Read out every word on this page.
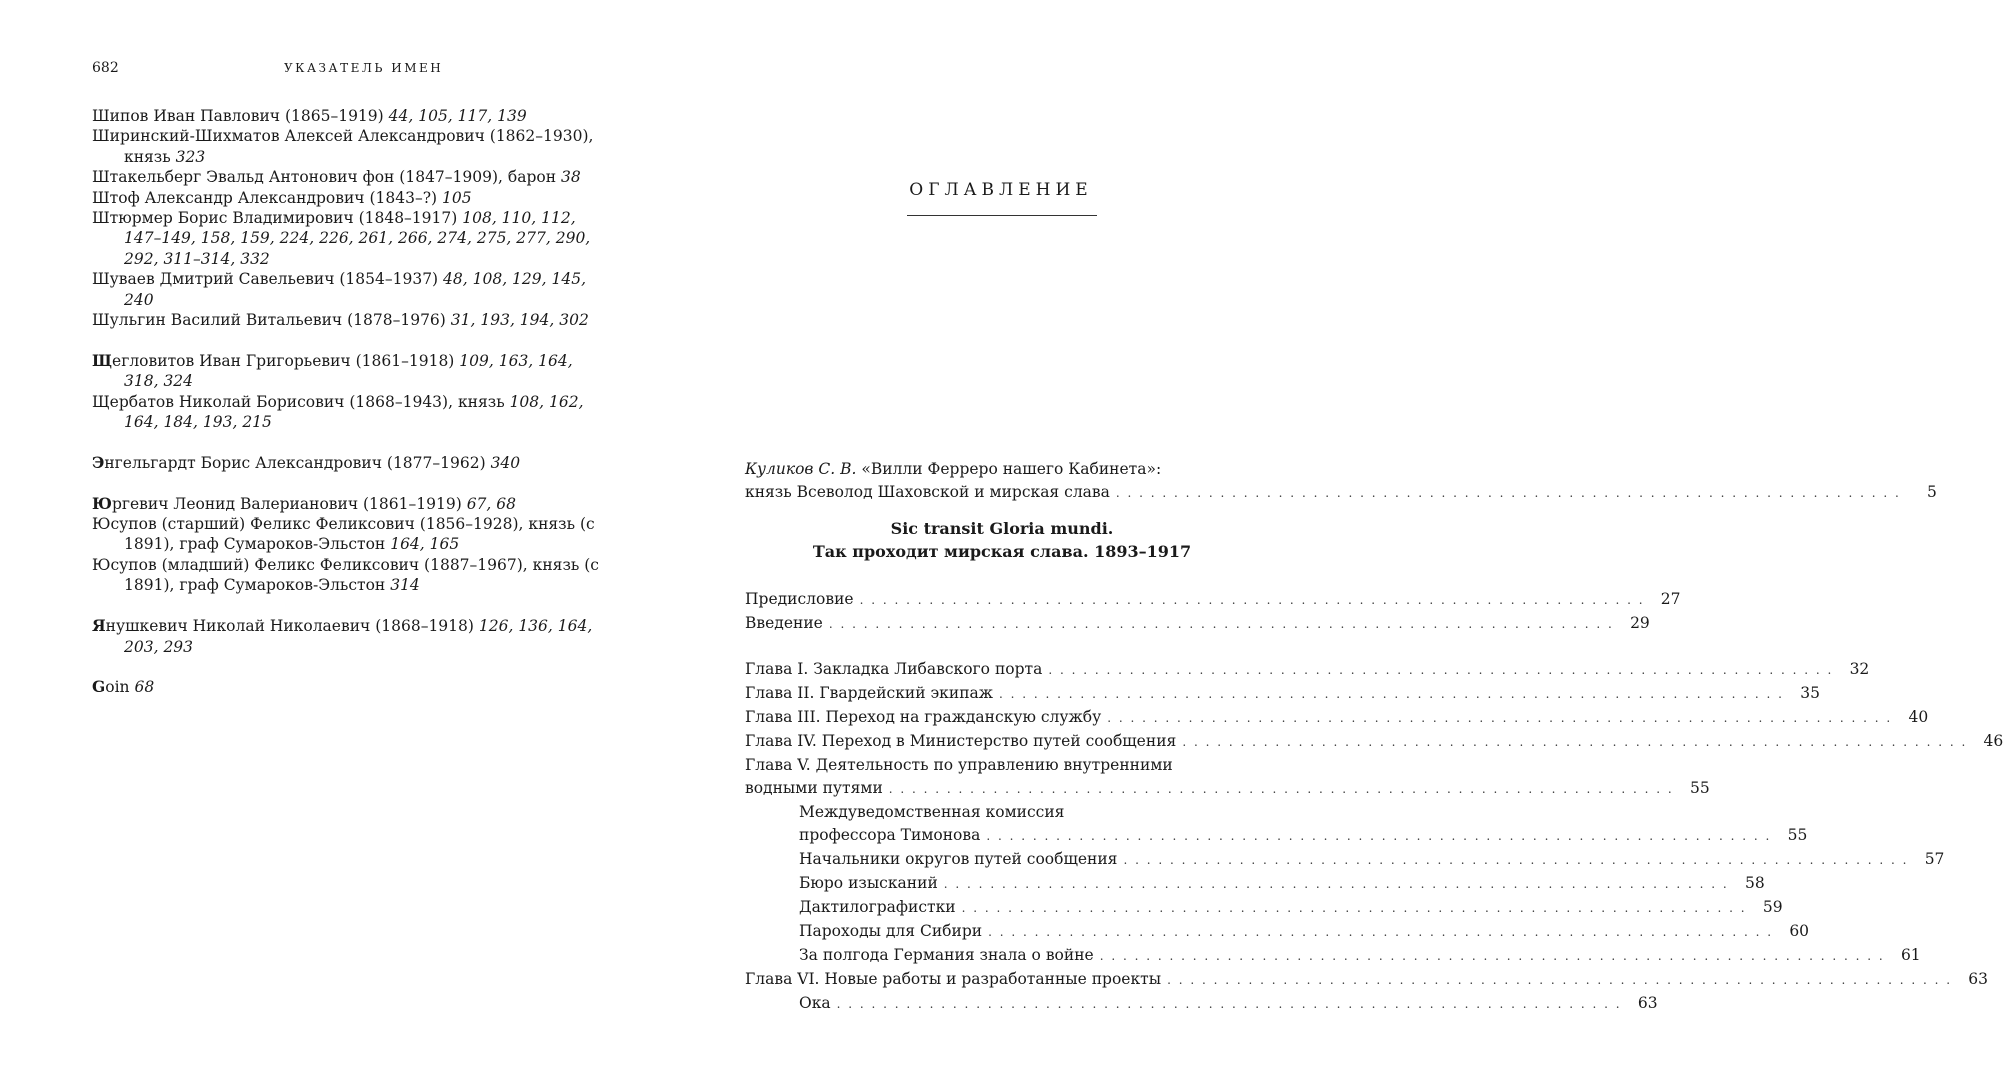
682	УКАЗАТЕЛЬ ИМЕН

Шипов Иван Павлович (1865–1919) 44, 105, 117, 139

Ширинский-Шихматов Алексей Александрович (1862–1930), князь 323

Штакельберг Эвальд Антонович фон (1847–1909), барон 38

Штоф Александр Александрович (1843–?) 105

Штюрмер Борис Владимирович (1848–1917) 108, 110, 112, 147–149, 158, 159, 224, 226, 261, 266, 274, 275, 277, 290, 292, 311–314, 332

Шуваев Дмитрий Савельевич (1854–1937) 48, 108, 129, 145, 240

Шульгин Василий Витальевич (1878–1976) 31, 193, 194, 302

Щегловитов Иван Григорьевич (1861–1918) 109, 163, 164, 318, 324

Щербатов Николай Борисович (1868–1943), князь 108, 162, 164, 184, 193, 215

Энгельгардт Борис Александрович (1877–1962) 340

Юргевич Леонид Валерианович (1861–1919) 67, 68

Юсупов (старший) Феликс Феликсович (1856–1928), князь (с 1891), граф Сумароков-Эльстон 164, 165

Юсупов (младший) Феликс Феликсович (1887–1967), князь (с 1891), граф Сумароков-Эльстон 314

Янушкевич Николай Николаевич (1868–1918) 126, 136, 164, 203, 293

Goin 68

ОГЛАВЛЕНИЕ
Куликов С. В. «Вилли Ферреро нашего Кабинета»:
князь Всеволод Шаховской и мирская слава . . . . . . . . . . . . . . . . . . . . . . . . . . . . . . . . . . . . . . . . . . . . . . . . . . . . . . . . . . . . . . . . . . . .	5
Sic transit Gloria mundi.
Так проходит мирская слава. 1893–1917
Предисловие . . . . . . . . . . . . . . . . . . . . . . . . . . . . . . . . . . . . . . . . . . . . . . . . . . . . . . . . . . . . . . . . . . . .	27
Введение . . . . . . . . . . . . . . . . . . . . . . . . . . . . . . . . . . . . . . . . . . . . . . . . . . . . . . . . . . . . . . . . . . . .	29
Глава I. Закладка Либавского порта . . . . . . . . . . . . . . . . . . . . . . . . . . . . . . . . . . . . . . . . . . . . . . . . . . . . . . . . . . . . . . . . . . . .	32
Глава II. Гвардейский экипаж . . . . . . . . . . . . . . . . . . . . . . . . . . . . . . . . . . . . . . . . . . . . . . . . . . . . . . . . . . . . . . . . . . . .	35
Глава III. Переход на гражданскую службу . . . . . . . . . . . . . . . . . . . . . . . . . . . . . . . . . . . . . . . . . . . . . . . . . . . . . . . . . . . . . . . . . . . .	40
Глава IV. Переход в Министерство путей сообщения . . . . . . . . . . . . . . . . . . . . . . . . . . . . . . . . . . . . . . . . . . . . . . . . . . . . . . . . . . . . . . . . . . . .	46
Глава V. Деятельность по управлению внутренними
водными путями . . . . . . . . . . . . . . . . . . . . . . . . . . . . . . . . . . . . . . . . . . . . . . . . . . . . . . . . . . . . . . . . . . . .	55
Междуведомственная комиссия
профессора Тимонова . . . . . . . . . . . . . . . . . . . . . . . . . . . . . . . . . . . . . . . . . . . . . . . . . . . . . . . . . . . . . . . . . . . .	55
Начальники округов путей сообщения . . . . . . . . . . . . . . . . . . . . . . . . . . . . . . . . . . . . . . . . . . . . . . . . . . . . . . . . . . . . . . . . . . . .	57
Бюро изысканий . . . . . . . . . . . . . . . . . . . . . . . . . . . . . . . . . . . . . . . . . . . . . . . . . . . . . . . . . . . . . . . . . . . .	58
Дактилографистки . . . . . . . . . . . . . . . . . . . . . . . . . . . . . . . . . . . . . . . . . . . . . . . . . . . . . . . . . . . . . . . . . . . .	59
Пароходы для Сибири . . . . . . . . . . . . . . . . . . . . . . . . . . . . . . . . . . . . . . . . . . . . . . . . . . . . . . . . . . . . . . . . . . . .	60
За полгода Германия знала о войне . . . . . . . . . . . . . . . . . . . . . . . . . . . . . . . . . . . . . . . . . . . . . . . . . . . . . . . . . . . . . . . . . . . .	61
Глава VI. Новые работы и разработанные проекты . . . . . . . . . . . . . . . . . . . . . . . . . . . . . . . . . . . . . . . . . . . . . . . . . . . . . . . . . . . . . . . . . . . .	63
Ока . . . . . . . . . . . . . . . . . . . . . . . . . . . . . . . . . . . . . . . . . . . . . . . . . . . . . . . . . . . . . . . . . . . .	63
